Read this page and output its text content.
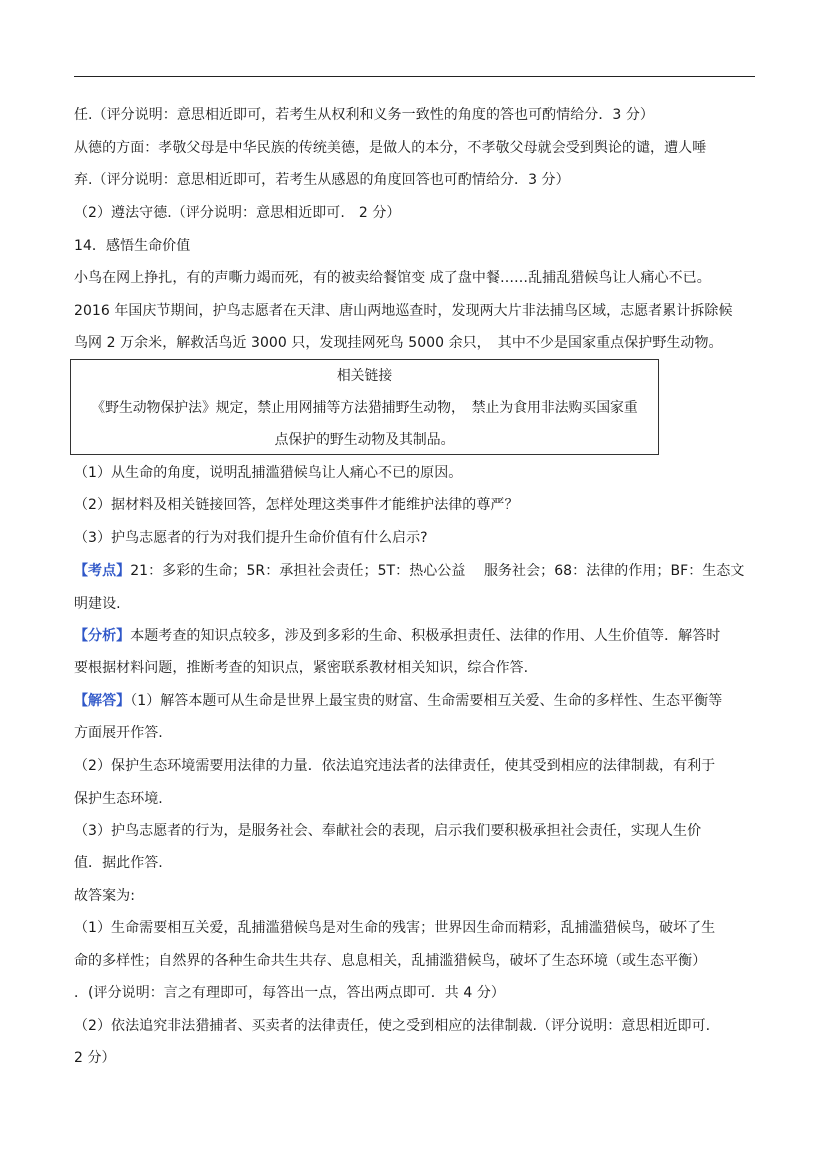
任.（评分说明：意思相近即可，若考生从权利和义务一致性的角度的答也可酌情给分．3 分）
从德的方面：孝敬父母是中华民族的传统美德，是做人的本分，不孝敬父母就会受到舆论的谴，遭人唾
弃.（评分说明：意思相近即可，若考生从感恩的角度回答也可酌情给分．3 分）
（2）遵法守德.（评分说明：意思相近即可.　2 分）
14．感悟生命价值
小鸟在网上挣扎，有的声嘶力竭而死，有的被卖给餐馆变 成了盘中餐……乱捕乱猎候鸟让人痛心不已。
2016 年国庆节期间，护鸟志愿者在天津、唐山两地巡查时，发现两大片非法捕鸟区域，志愿者累计拆除候
鸟网 2 万余米，解救活鸟近 3000 只，发现挂网死鸟 5000 余只，　其中不少是国家重点保护野生动物。
相关链接
《野生动物保护法》规定，禁止用网捕等方法猎捕野生动物，　禁止为食用非法购买国家重
点保护的野生动物及其制品。
（1）从生命的角度，说明乱捕滥猎候鸟让人痛心不已的原因。
（2）据材料及相关链接回答，怎样处理这类事件才能维护法律的尊严？
（3）护鸟志愿者的行为对我们提升生命价值有什么启示?
【考点】21：多彩的生命；5R：承担社会责任；5T：热心公益　 服务社会；68：法律的作用；BF：生态文
明建设.
【分析】本题考查的知识点较多，涉及到多彩的生命、积极承担责任、法律的作用、人生价值等．解答时
要根据材料问题，推断考查的知识点，紧密联系教材相关知识，综合作答.
【解答】（1）解答本题可从生命是世界上最宝贵的财富、生命需要相互关爱、生命的多样性、生态平衡等
方面展开作答.
（2）保护生态环境需要用法律的力量．依法追究违法者的法律责任，使其受到相应的法律制裁，有利于
保护生态环境.
（3）护鸟志愿者的行为，是服务社会、奉献社会的表现，启示我们要积极承担社会责任，实现人生价
值．据此作答.
故答案为:
（1）生命需要相互关爱，乱捕滥猎候鸟是对生命的残害；世界因生命而精彩，乱捕滥猎候鸟，破坏了生
命的多样性；自然界的各种生命共生共存、息息相关，乱捕滥猎候鸟，破坏了生态环境（或生态平衡）
．(评分说明：言之有理即可，每答出一点，答出两点即可．共 4 分）
（2）依法追究非法猎捕者、买卖者的法律责任，使之受到相应的法律制裁.（评分说明：意思相近即可.
2 分）
